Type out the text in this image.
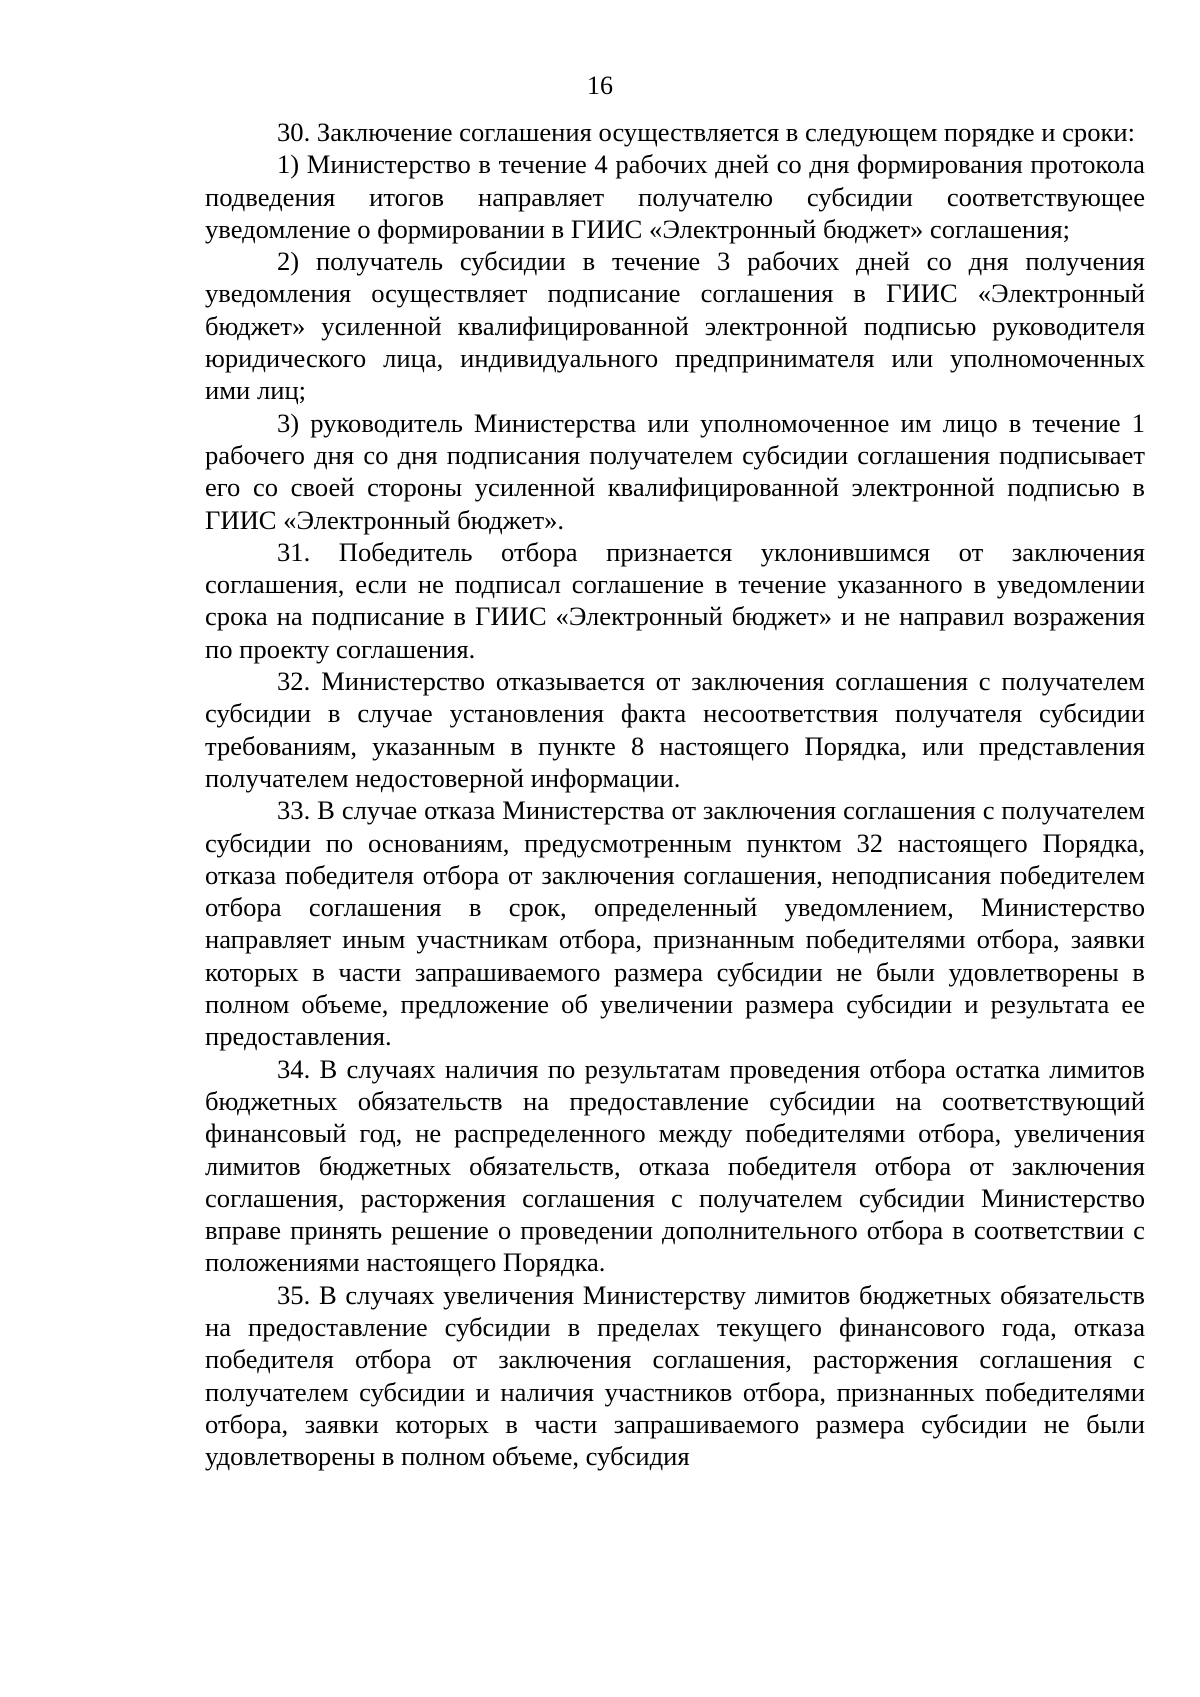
16

30. Заключение соглашения осуществляется в следующем порядке и сроки:

1) Министерство в течение 4 рабочих дней со дня формирования протокола подведения итогов направляет получателю субсидии соответствующее уведомление о формировании в ГИИС «Электронный бюджет» соглашения;

2) получатель субсидии в течение 3 рабочих дней со дня получения уведомления осуществляет подписание соглашения в ГИИС «Электронный бюджет» усиленной квалифицированной электронной подписью руководителя юридического лица, индивидуального предпринимателя или уполномоченных ими лиц;

3) руководитель Министерства или уполномоченное им лицо в течение 1 рабочего дня со дня подписания получателем субсидии соглашения подписывает его со своей стороны усиленной квалифицированной электронной подписью в ГИИС «Электронный бюджет».

31. Победитель отбора признается уклонившимся от заключения соглашения, если не подписал соглашение в течение указанного в уведомлении срока на подписание в ГИИС «Электронный бюджет» и не направил возражения по проекту соглашения.

32. Министерство отказывается от заключения соглашения с получателем субсидии в случае установления факта несоответствия получателя субсидии требованиям, указанным в пункте 8 настоящего Порядка, или представления получателем недостоверной информации.

33. В случае отказа Министерства от заключения соглашения с получателем субсидии по основаниям, предусмотренным пунктом 32 настоящего Порядка, отказа победителя отбора от заключения соглашения, неподписания победителем отбора соглашения в срок, определенный уведомлением, Министерство направляет иным участникам отбора, признанным победителями отбора, заявки которых в части запрашиваемого размера субсидии не были удовлетворены в полном объеме, предложение об увеличении размера субсидии и результата ее предоставления.

34. В случаях наличия по результатам проведения отбора остатка лимитов бюджетных обязательств на предоставление субсидии на соответствующий финансовый год, не распределенного между победителями отбора, увеличения лимитов бюджетных обязательств, отказа победителя отбора от заключения соглашения, расторжения соглашения с получателем субсидии Министерство вправе принять решение о проведении дополнительного отбора в соответствии с положениями настоящего Порядка.

35. В случаях увеличения Министерству лимитов бюджетных обязательств на предоставление субсидии в пределах текущего финансового года, отказа победителя отбора от заключения соглашения, расторжения соглашения с получателем субсидии и наличия участников отбора, признанных победителями отбора, заявки которых в части запрашиваемого размера субсидии не были удовлетворены в полном объеме, субсидия
